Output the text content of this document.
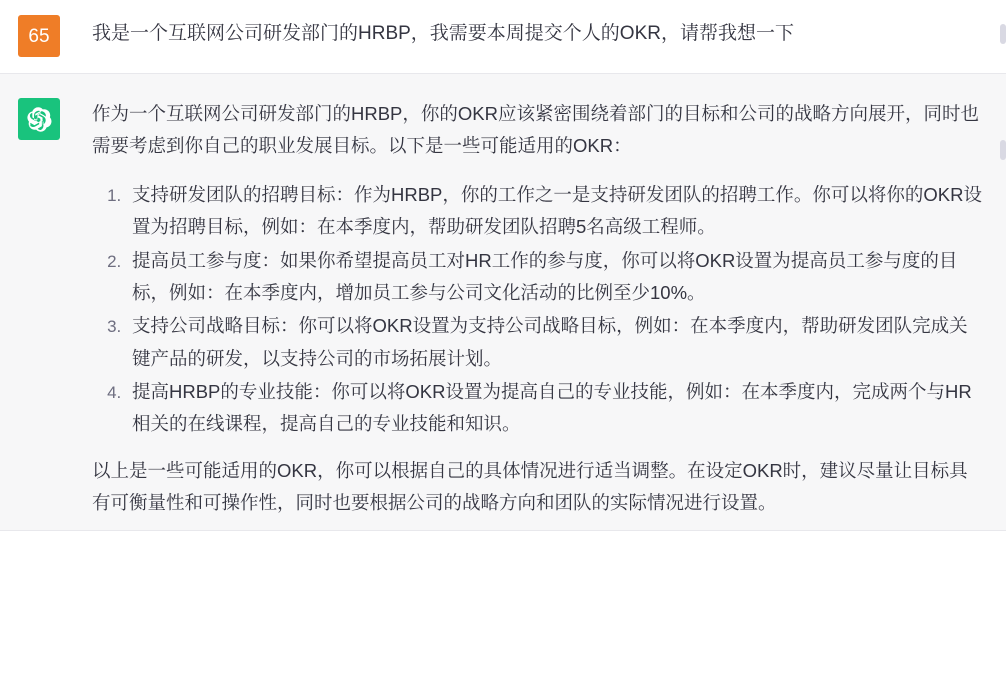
65	我是一个互联网公司研发部门的HRBP，我需要本周提交个人的OKR，请帮我想一下

作为一个互联网公司研发部门的HRBP，你的OKR应该紧密围绕着部门的目标和公司的战略方向展开，同时也需要考虑到你自己的职业发展目标。以下是一些可能适用的OKR：

1. 支持研发团队的招聘目标：作为HRBP，你的工作之一是支持研发团队的招聘工作。你可以将你的OKR设置为招聘目标，例如：在本季度内，帮助研发团队招聘5名高级工程师。
2. 提高员工参与度：如果你希望提高员工对HR工作的参与度，你可以将OKR设置为提高员工参与度的目标，例如：在本季度内，增加员工参与公司文化活动的比例至少10%。
3. 支持公司战略目标：你可以将OKR设置为支持公司战略目标，例如：在本季度内，帮助研发团队完成关键产品的研发，以支持公司的市场拓展计划。
4. 提高HRBP的专业技能：你可以将OKR设置为提高自己的专业技能，例如：在本季度内，完成两个与HR相关的在线课程，提高自己的专业技能和知识。

以上是一些可能适用的OKR，你可以根据自己的具体情况进行适当调整。在设定OKR时，建议尽量让目标具有可衡量性和可操作性，同时也要根据公司的战略方向和团队的实际情况进行设置。
